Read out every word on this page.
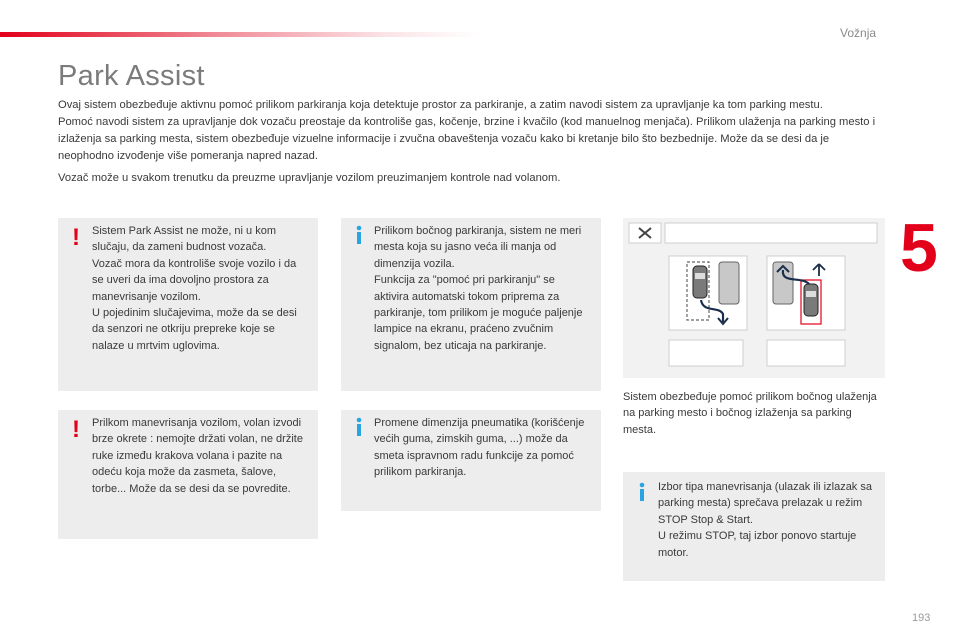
Vožnja
5
Park Assist

Ovaj sistem obezbeđuje aktivnu pomoć prilikom parkiranja koja detektuje prostor za parkiranje, a zatim navodi sistem za upravljanje ka tom parking mestu.

Pomoć navodi sistem za upravljanje dok vozaču preostaje da kontroliše gas, kočenje, brzine i kvačilo (kod manuelnog menjača). Prilikom ulaženja na parking mesto i izlaženja sa parking mesta, sistem obezbeđuje vizuelne informacije i zvučna obaveštenja vozaču kako bi kretanje bilo što bezbednije. Može da se desi da je neophodno izvođenje više pomeranja napred nazad.

Vozač može u svakom trenutku da preuzme upravljanje vozilom preuzimanjem kontrole nad volanom.

! Sistem Park Assist ne može, ni u kom slučaju, da zameni budnost vozača.

Vozač mora da kontroliše svoje vozilo i da se uveri da ima dovoljno prostora za manevrisanje vozilom.

U pojedinim slučajevima, može da se desi da senzori ne otkriju prepreke koje se nalaze u mrtvim uglovima.

! Prilkom manevrisanja vozilom, volan izvodi brze okrete : nemojte držati volan, ne držite ruke između krakova volana i pazite na odeću koja može da zasmeta, šalove, torbe... Može da se desi da se povredite.

Prilikom bočnog parkiranja, sistem ne meri mesta koja su jasno veća ili manja od dimenzija vozila.

Funkcija za "pomoć pri parkiranju" se aktivira automatski tokom priprema za parkiranje, tom prilikom je moguće paljenje lampice na ekranu, praćeno zvučnim signalom, bez uticaja na parkiranje.

Promene dimenzija pneumatika (korišćenje većih guma, zimskih guma, ...) može da smeta ispravnom radu funkcije za pomoć prilikom parkiranja.

Sistem obezbeđuje pomoć prilikom bočnog ulaženja na parking mesto i bočnog izlaženja sa parking mesta.

Izbor tipa manevrisanja (ulazak ili izlazak sa parking mesta) sprečava prelazak u režim STOP Stop & Start.

U režimu STOP, taj izbor ponovo startuje motor.

193
